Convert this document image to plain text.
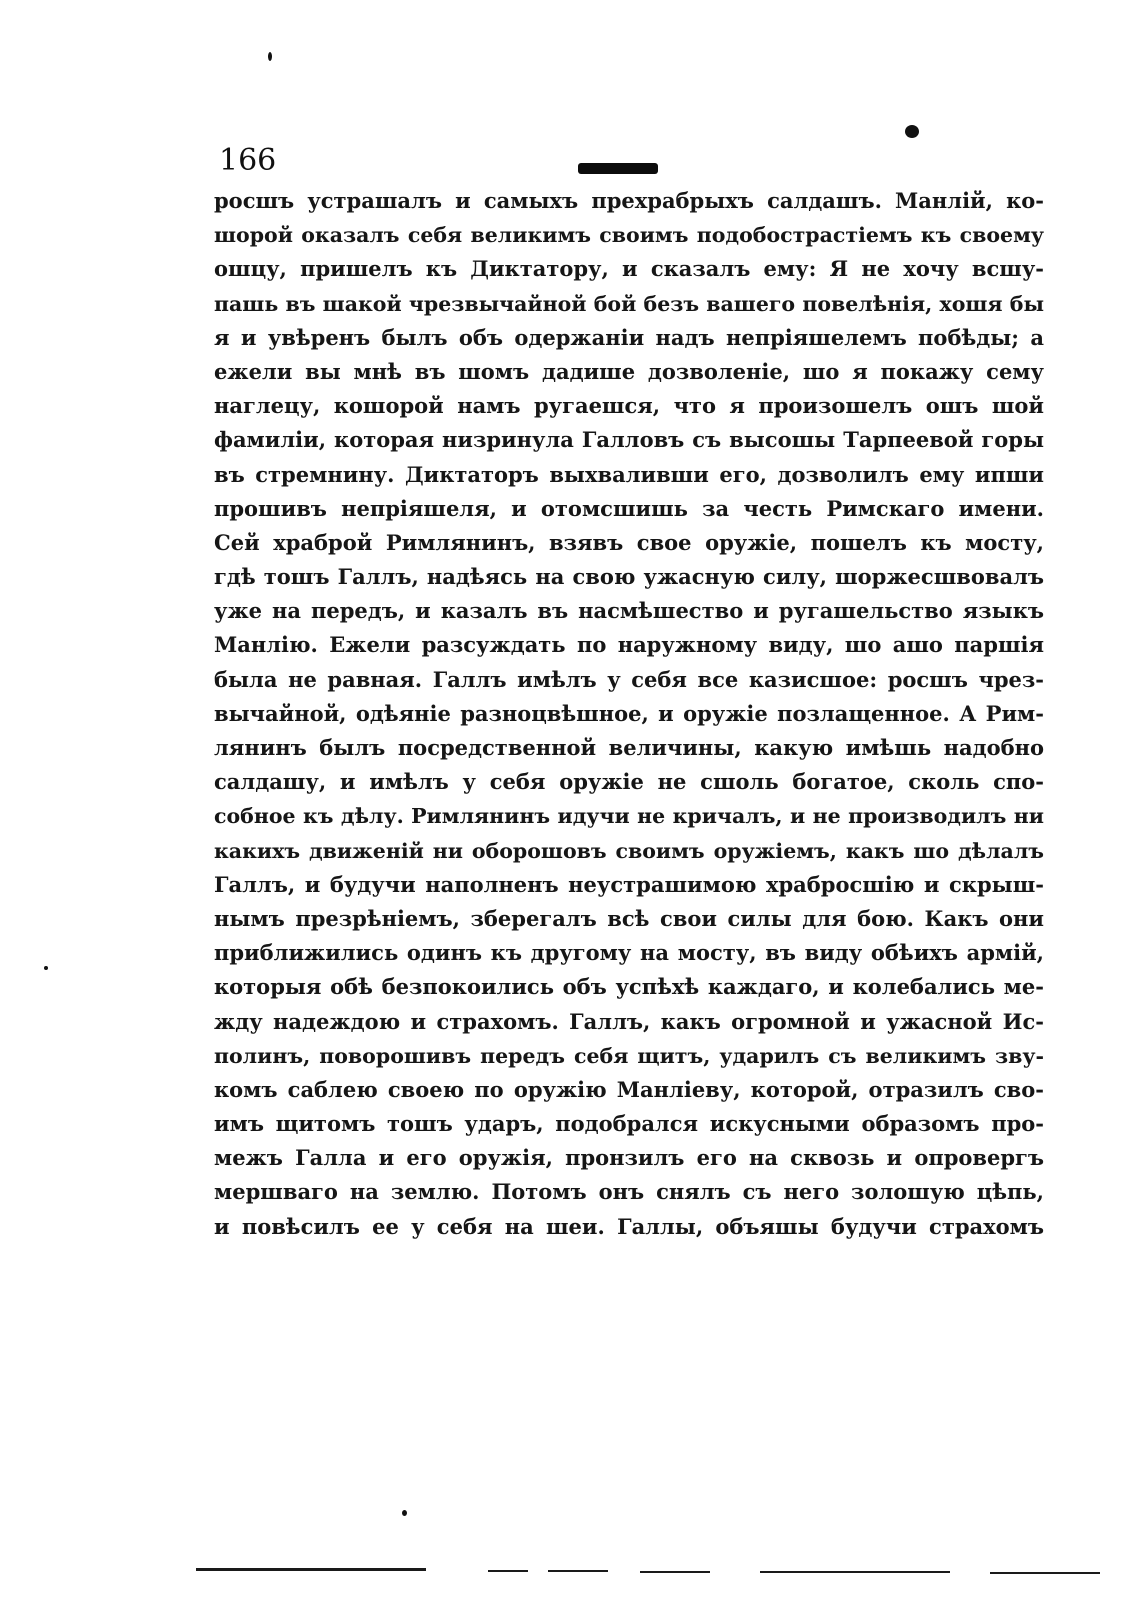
166
росшъ устрашалъ и самыхъ прехрабрыхъ салдашъ. Манлій, ко-
шорой оказалъ себя великимъ своимъ подобострастіемъ къ своему
ошцу, пришелъ къ Диктатору, и сказалъ ему: Я не хочу всшу-
пашь въ шакой чрезвычайной бой безъ вашего повелѣнія, хошя бы
я и увѣренъ былъ объ одержаніи надъ непріяшелемъ побѣды; а
ежели вы мнѣ въ шомъ дадише дозволеніе, шо я покажу сему
наглецу, кошорой намъ ругаешся, что я произошелъ ошъ шой
фамиліи, которая низринула Галловъ съ высошы Тарпеевой горы
въ стремнину. Диктаторъ выхваливши его, дозволилъ ему ипши
прошивъ непріяшеля, и отомсшишь за честь Римскаго имени.
Сей храброй Римлянинъ, взявъ свое оружіе, пошелъ къ мосту,
гдѣ тошъ Галлъ, надѣясь на свою ужасную силу, шоржесшвовалъ
уже на передъ, и казалъ въ насмѣшество и ругашельство языкъ
Манлію. Ежели разсуждать по наружному виду, шо ашо паршія
была не равная. Галлъ имѣлъ у себя все казисшое: росшъ чрез-
вычайной, одѣяніе разноцвѣшное, и оружіе позлащенное. А Рим-
лянинъ былъ посредственной величины, какую имѣшь надобно
салдашу, и имѣлъ у себя оружіе не сшоль богатое, сколь спо-
собное къ дѣлу. Римлянинъ идучи не кричалъ, и не производилъ ни
какихъ движеній ни оборошовъ своимъ оружіемъ, какъ шо дѣлалъ
Галлъ, и будучи наполненъ неустрашимою храбросшію и скрыш-
нымъ презрѣніемъ, зберегалъ всѣ свои силы для бою. Какъ они
приближились одинъ къ другому на мосту, въ виду обѣихъ армій,
которыя обѣ безпокоились объ успѣхѣ каждаго, и колебались ме-
жду надеждою и страхомъ. Галлъ, какъ огромной и ужасной Ис-
полинъ, поворошивъ передъ себя щитъ, ударилъ съ великимъ зву-
комъ саблею своею по оружію Манліеву, которой, отразилъ сво-
имъ щитомъ тошъ ударъ, подобрался искусными образомъ про-
межъ Галла и его оружія, пронзилъ его на сквозь и опровергъ
мершваго на землю. Потомъ онъ снялъ съ него золошую цѣпь,
и повѣсилъ ее у себя на шеи. Галлы, объяшы будучи страхомъ
